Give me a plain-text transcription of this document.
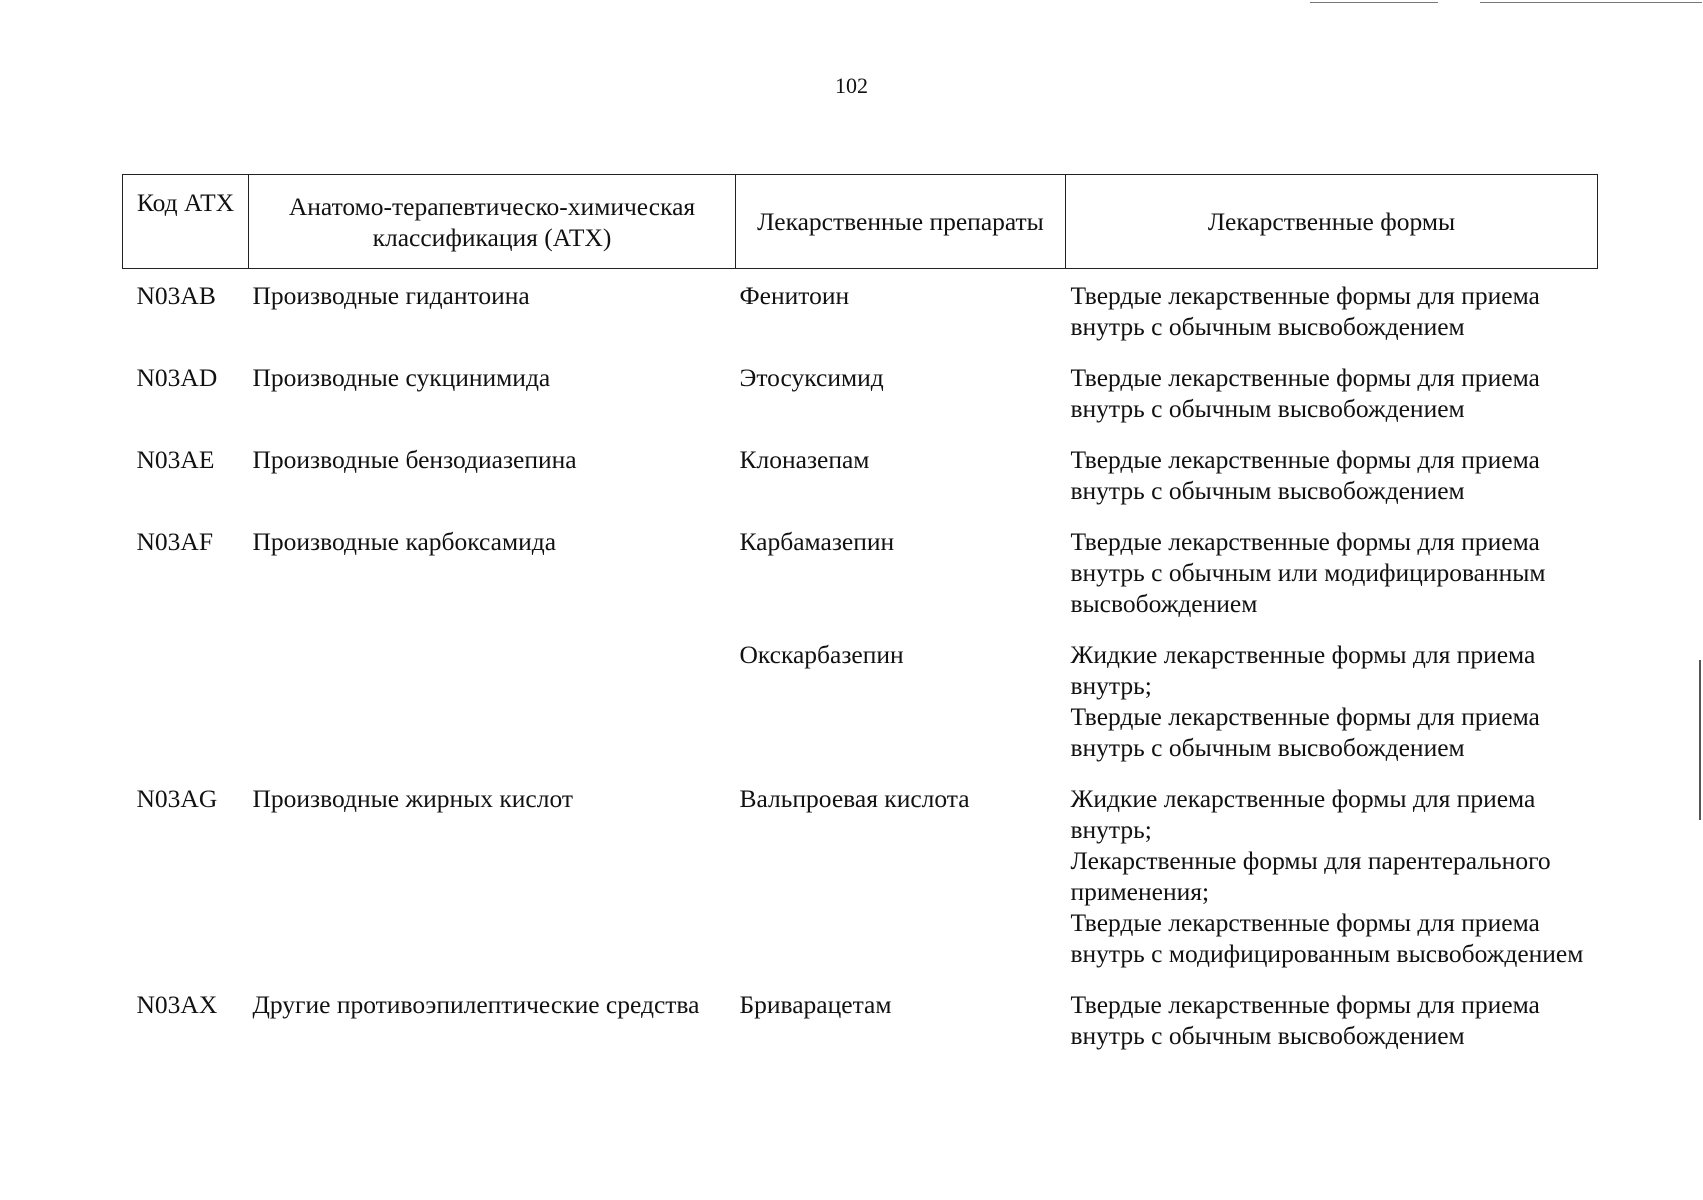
102
Код АТХ	Анатомо-терапевтическо-химическая классификация (АТХ)	Лекарственные препараты	Лекарственные формы
N03AB	Производные гидантоина	Фенитоин	Твердые лекарственные формы для приема внутрь с обычным высвобождением

N03AD	Производные сукцинимида	Этосуксимид	Твердые лекарственные формы для приема внутрь с обычным высвобождением

N03AE	Производные бензодиазепина	Клоназепам	Твердые лекарственные формы для приема внутрь с обычным высвобождением

N03AF	Производные карбоксамида	Карбамазепин	Твердые лекарственные формы для приема внутрь с обычным или модифицированным высвобождением

		Окскарбазепин	Жидкие лекарственные формы для приема внутрь;
Твердые лекарственные формы для приема внутрь с обычным высвобождением

N03AG	Производные жирных кислот	Вальпроевая кислота	Жидкие лекарственные формы для приема внутрь;
Лекарственные формы для парентерального применения;
Твердые лекарственные формы для приема внутрь с модифицированным высвобождением

N03AX	Другие противоэпилептические средства	Бриварацетам	Твердые лекарственные формы для приема внутрь с обычным высвобождением
